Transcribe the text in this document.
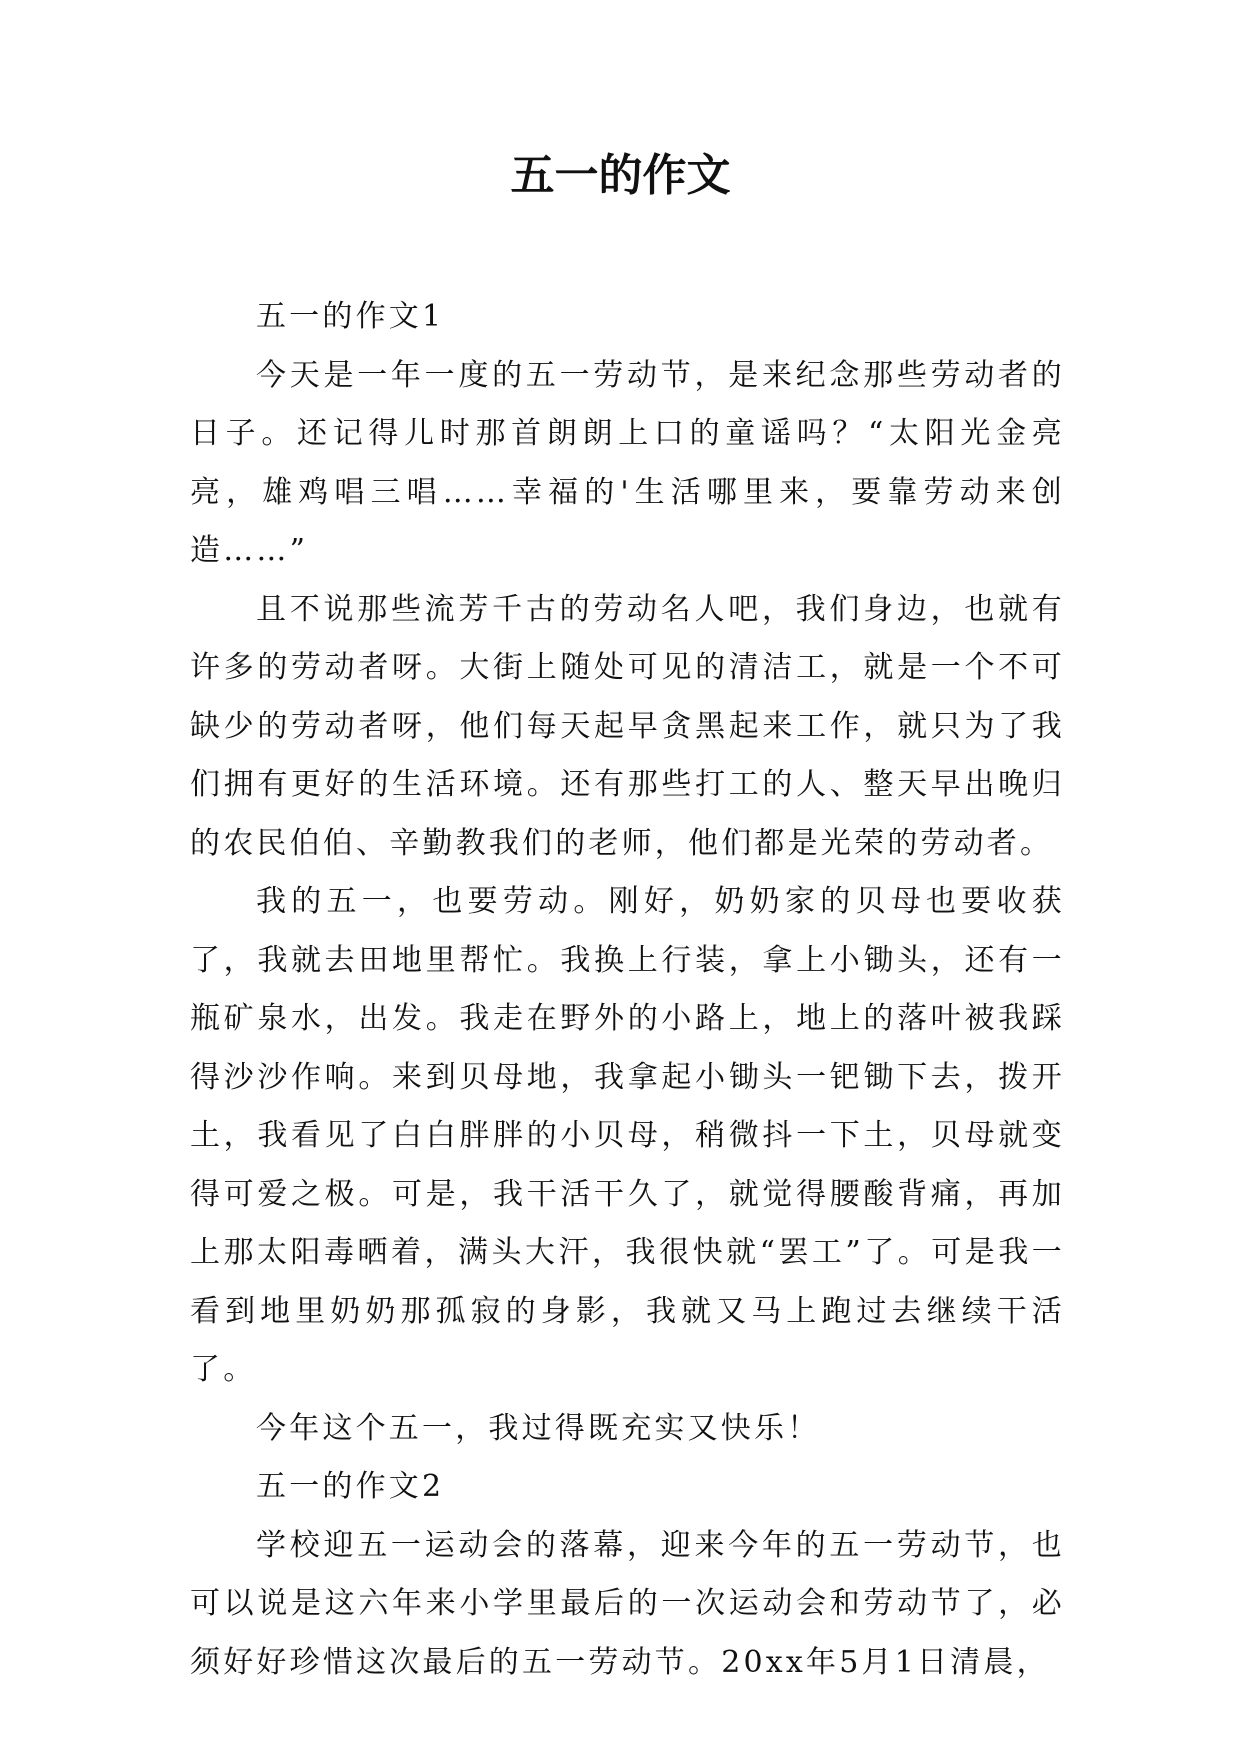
五一的作文

五一的作文1

今天是一年一度的五一劳动节，是来纪念那些劳动者的日子。还记得儿时那首朗朗上口的童谣吗？“太阳光金亮亮，雄鸡唱三唱……幸福的'生活哪里来，要靠劳动来创造……”

且不说那些流芳千古的劳动名人吧，我们身边，也就有许多的劳动者呀。大街上随处可见的清洁工，就是一个不可缺少的劳动者呀，他们每天起早贪黑起来工作，就只为了我们拥有更好的生活环境。还有那些打工的人、整天早出晚归的农民伯伯、辛勤教我们的老师，他们都是光荣的劳动者。

我的五一，也要劳动。刚好，奶奶家的贝母也要收获了，我就去田地里帮忙。我换上行装，拿上小锄头，还有一瓶矿泉水，出发。我走在野外的小路上，地上的落叶被我踩得沙沙作响。来到贝母地，我拿起小锄头一钯锄下去，拨开土，我看见了白白胖胖的小贝母，稍微抖一下土，贝母就变得可爱之极。可是，我干活干久了，就觉得腰酸背痛，再加上那太阳毒晒着，满头大汗，我很快就“罢工”了。可是我一看到地里奶奶那孤寂的身影，我就又马上跑过去继续干活了。

今年这个五一，我过得既充实又快乐！

五一的作文2

学校迎五一运动会的落幕，迎来今年的五一劳动节，也可以说是这六年来小学里最后的一次运动会和劳动节了，必须好好珍惜这次最后的五一劳动节。20xx年5月1日清晨，
